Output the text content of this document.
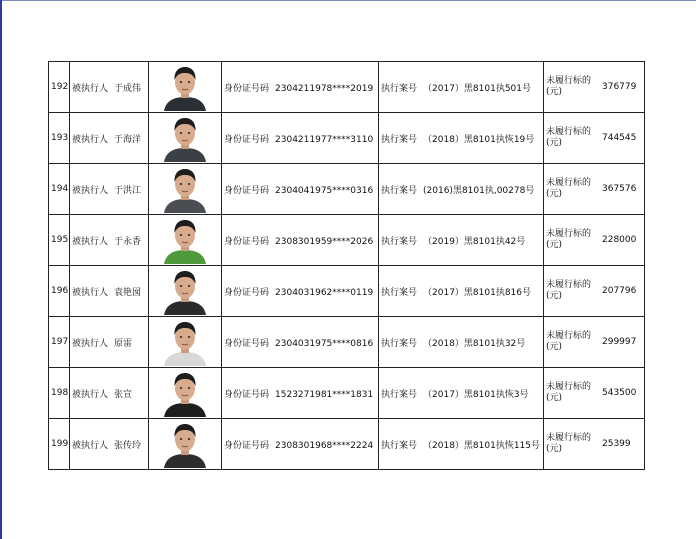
192	被执行人 于成伟		身份证号码 2304211978****2019	执行案号 （2017）黑8101执501号	未履行标的(元) 376779

193	被执行人 于海洋		身份证号码 2304211977****3110	执行案号 （2018）黑8101执恢19号	未履行标的(元) 744545

194	被执行人 于洪江		身份证号码 2304041975****0316	执行案号 (2016)黑8101执,00278号	未履行标的(元) 367576

195	被执行人 于永香		身份证号码 2308301959****2026	执行案号 （2019）黑8101执42号	未履行标的(元) 228000

196	被执行人 袁艳囡		身份证号码 2304031962****0119	执行案号 （2017）黑8101执816号	未履行标的(元) 207796

197	被执行人 原雷		身份证号码 2304031975****0816	执行案号 （2018）黑8101执32号	未履行标的(元) 299997

198	被执行人 张宣		身份证号码 1523271981****1831	执行案号 （2017）黑8101执恢3号	未履行标的(元) 543500

199	被执行人 张传玲		身份证号码 2308301968****2224	执行案号 （2018）黑8101执恢115号	未履行标的(元) 25399
